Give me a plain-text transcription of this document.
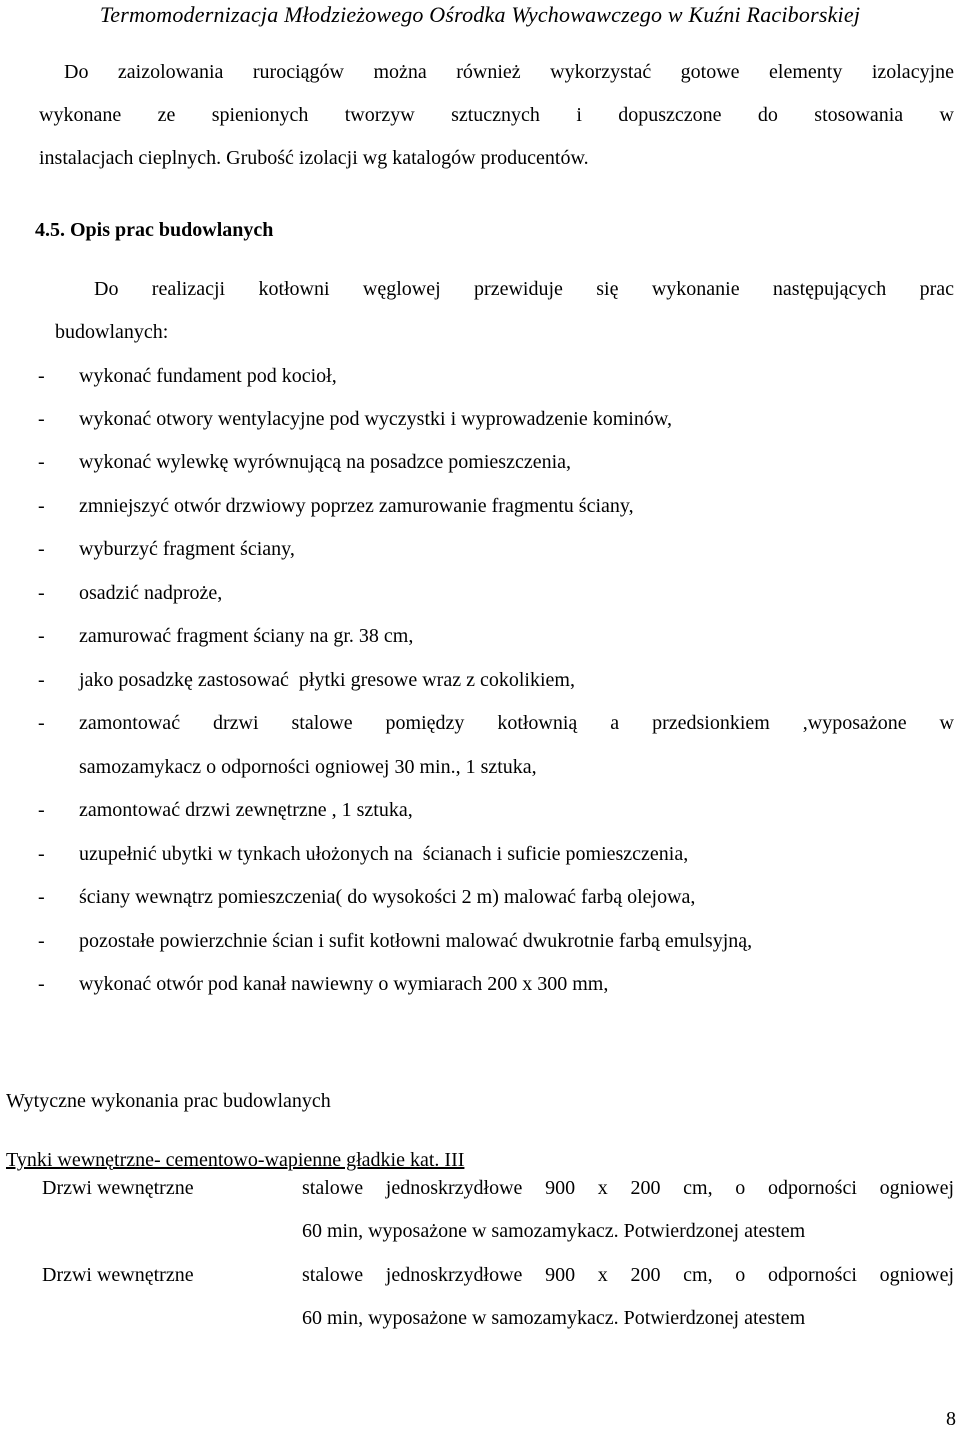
Termomodernizacja Młodzieżowego Ośrodka Wychowawczego w Kuźni Raciborskiej
Do zaizolowania rurociągów można również wykorzystać gotowe elementy izolacyjne
wykonane ze spienionych tworzyw sztucznych i dopuszczone do stosowania w
instalacjach cieplnych. Grubość izolacji wg katalogów producentów.
4.5. Opis prac budowlanych
Do realizacji kotłowni węglowej przewiduje się wykonanie następujących prac
budowlanych:
- wykonać fundament pod kocioł,
- wykonać otwory wentylacyjne pod wyczystki i wyprowadzenie kominów,
- wykonać wylewkę wyrównującą na posadzce pomieszczenia,
- zmniejszyć otwór drzwiowy poprzez zamurowanie fragmentu ściany,
- wyburzyć fragment ściany,
- osadzić nadproże,
- zamurować fragment ściany na gr. 38 cm,
- jako posadzkę zastosować  płytki gresowe wraz z cokolikiem,
- zamontować drzwi stalowe pomiędzy kotłownią a przedsionkiem ,wyposażone w
samozamykacz o odporności ogniowej 30 min., 1 sztuka,
- zamontować drzwi zewnętrzne , 1 sztuka,
- uzupełnić ubytki w tynkach ułożonych na  ścianach i suficie pomieszczenia,
- ściany wewnątrz pomieszczenia( do wysokości 2 m) malować farbą olejowa,
- pozostałe powierzchnie ścian i sufit kotłowni malować dwukrotnie farbą emulsyjną,
- wykonać otwór pod kanał nawiewny o wymiarach 200 x 300 mm,
Wytyczne wykonania prac budowlanych
Tynki wewnętrzne- cementowo-wapienne gładkie kat. III
Drzwi wewnętrzne	stalowe jednoskrzydłowe 900 x 200 cm, o odporności ogniowej
60 min, wyposażone w samozamykacz. Potwierdzonej atestem
Drzwi wewnętrzne	stalowe jednoskrzydłowe 900 x 200 cm, o odporności ogniowej
60 min, wyposażone w samozamykacz. Potwierdzonej atestem
8
